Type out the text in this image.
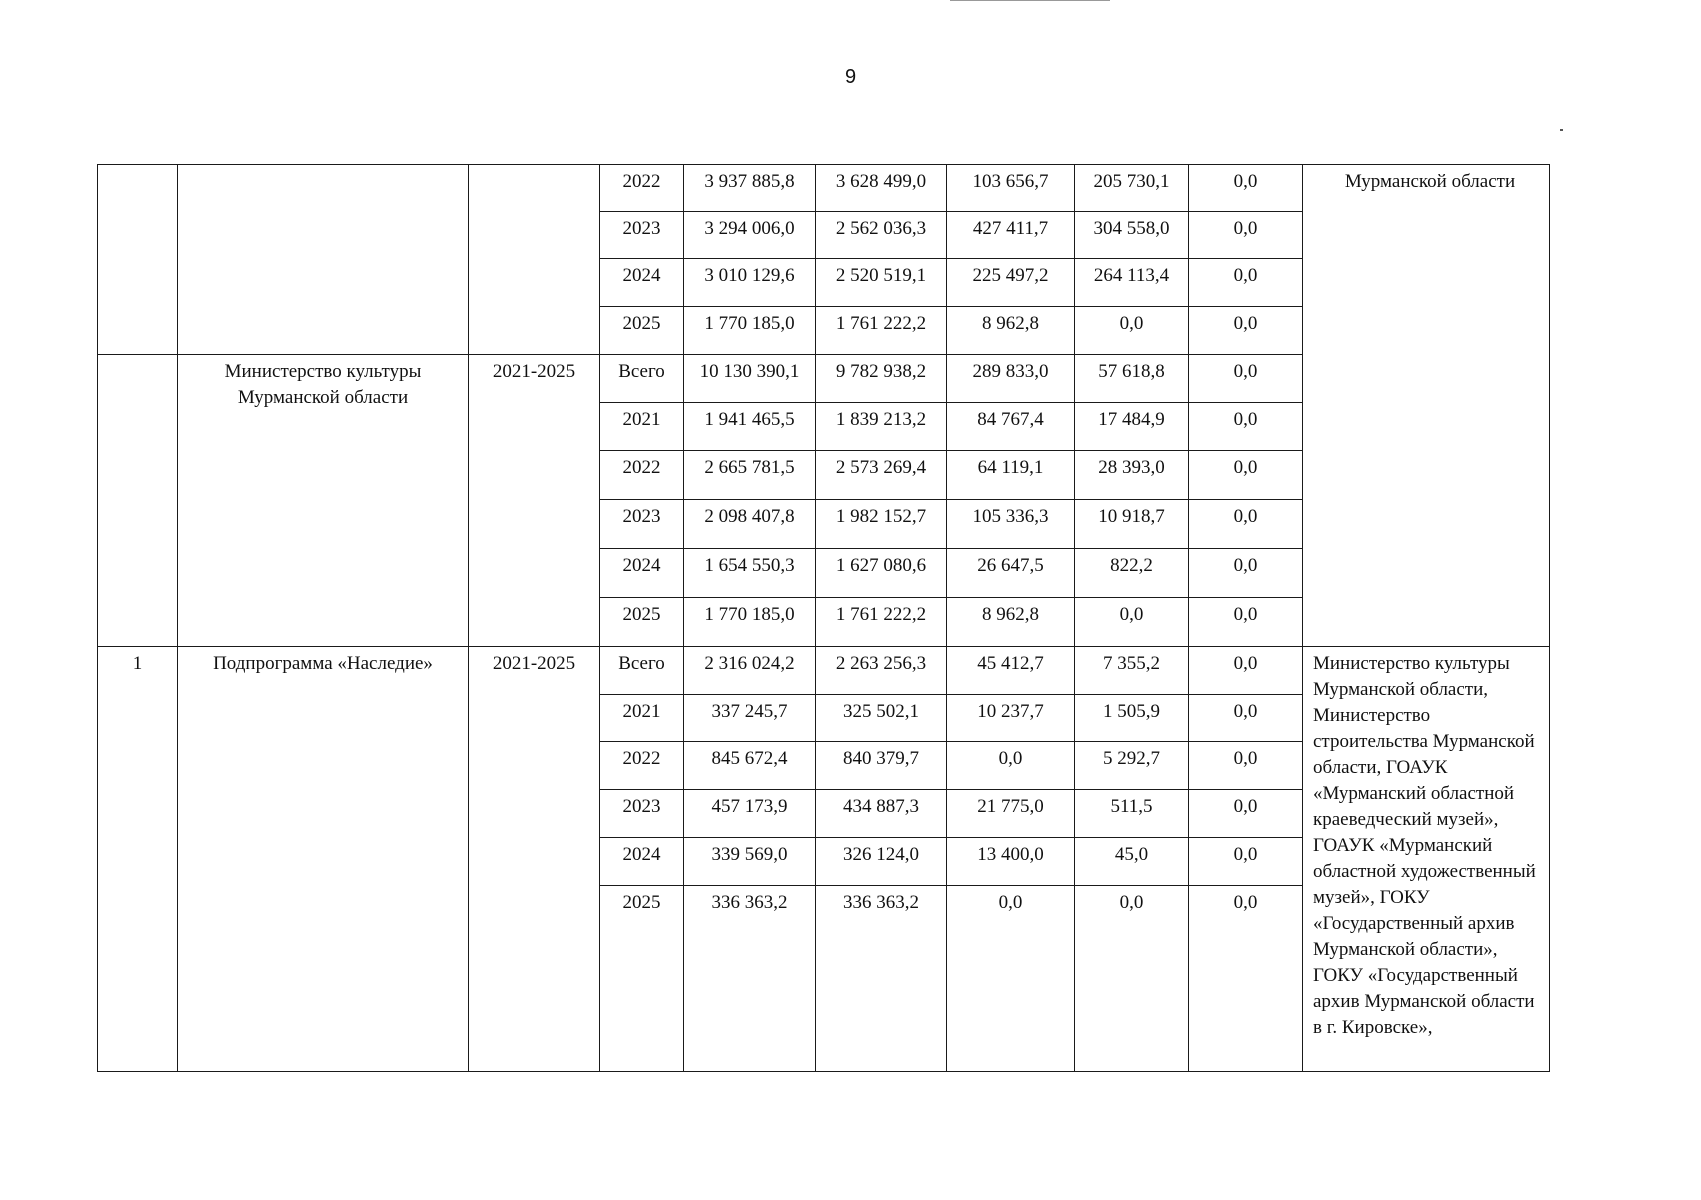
9
			2022	3 937 885,8	3 628 499,0	103 656,7	205 730,1	0,0	Мурманской области
			2023	3 294 006,0	2 562 036,3	427 411,7	304 558,0	0,0	
			2024	3 010 129,6	2 520 519,1	225 497,2	264 113,4	0,0	
			2025	1 770 185,0	1 761 222,2	8 962,8	0,0	0,0	
	Министерство культуры Мурманской области	2021-2025	Всего	10 130 390,1	9 782 938,2	289 833,0	57 618,8	0,0	
			2021	1 941 465,5	1 839 213,2	84 767,4	17 484,9	0,0	
			2022	2 665 781,5	2 573 269,4	64 119,1	28 393,0	0,0	
			2023	2 098 407,8	1 982 152,7	105 336,3	10 918,7	0,0	
			2024	1 654 550,3	1 627 080,6	26 647,5	822,2	0,0	
			2025	1 770 185,0	1 761 222,2	8 962,8	0,0	0,0	
1	Подпрограмма «Наследие»	2021-2025	Всего	2 316 024,2	2 263 256,3	45 412,7	7 355,2	0,0	Министерство культуры Мурманской области, Министерство строительства Мурманской области, ГОАУК «Мурманский областной краеведческий музей», ГОАУК «Мурманский областной художественный музей», ГОКУ «Государственный архив Мурманской области», ГОКУ «Государственный архив Мурманской области в г. Кировске»,
			2021	337 245,7	325 502,1	10 237,7	1 505,9	0,0	
			2022	845 672,4	840 379,7	0,0	5 292,7	0,0	
			2023	457 173,9	434 887,3	21 775,0	511,5	0,0	
			2024	339 569,0	326 124,0	13 400,0	45,0	0,0	
			2025	336 363,2	336 363,2	0,0	0,0	0,0	
